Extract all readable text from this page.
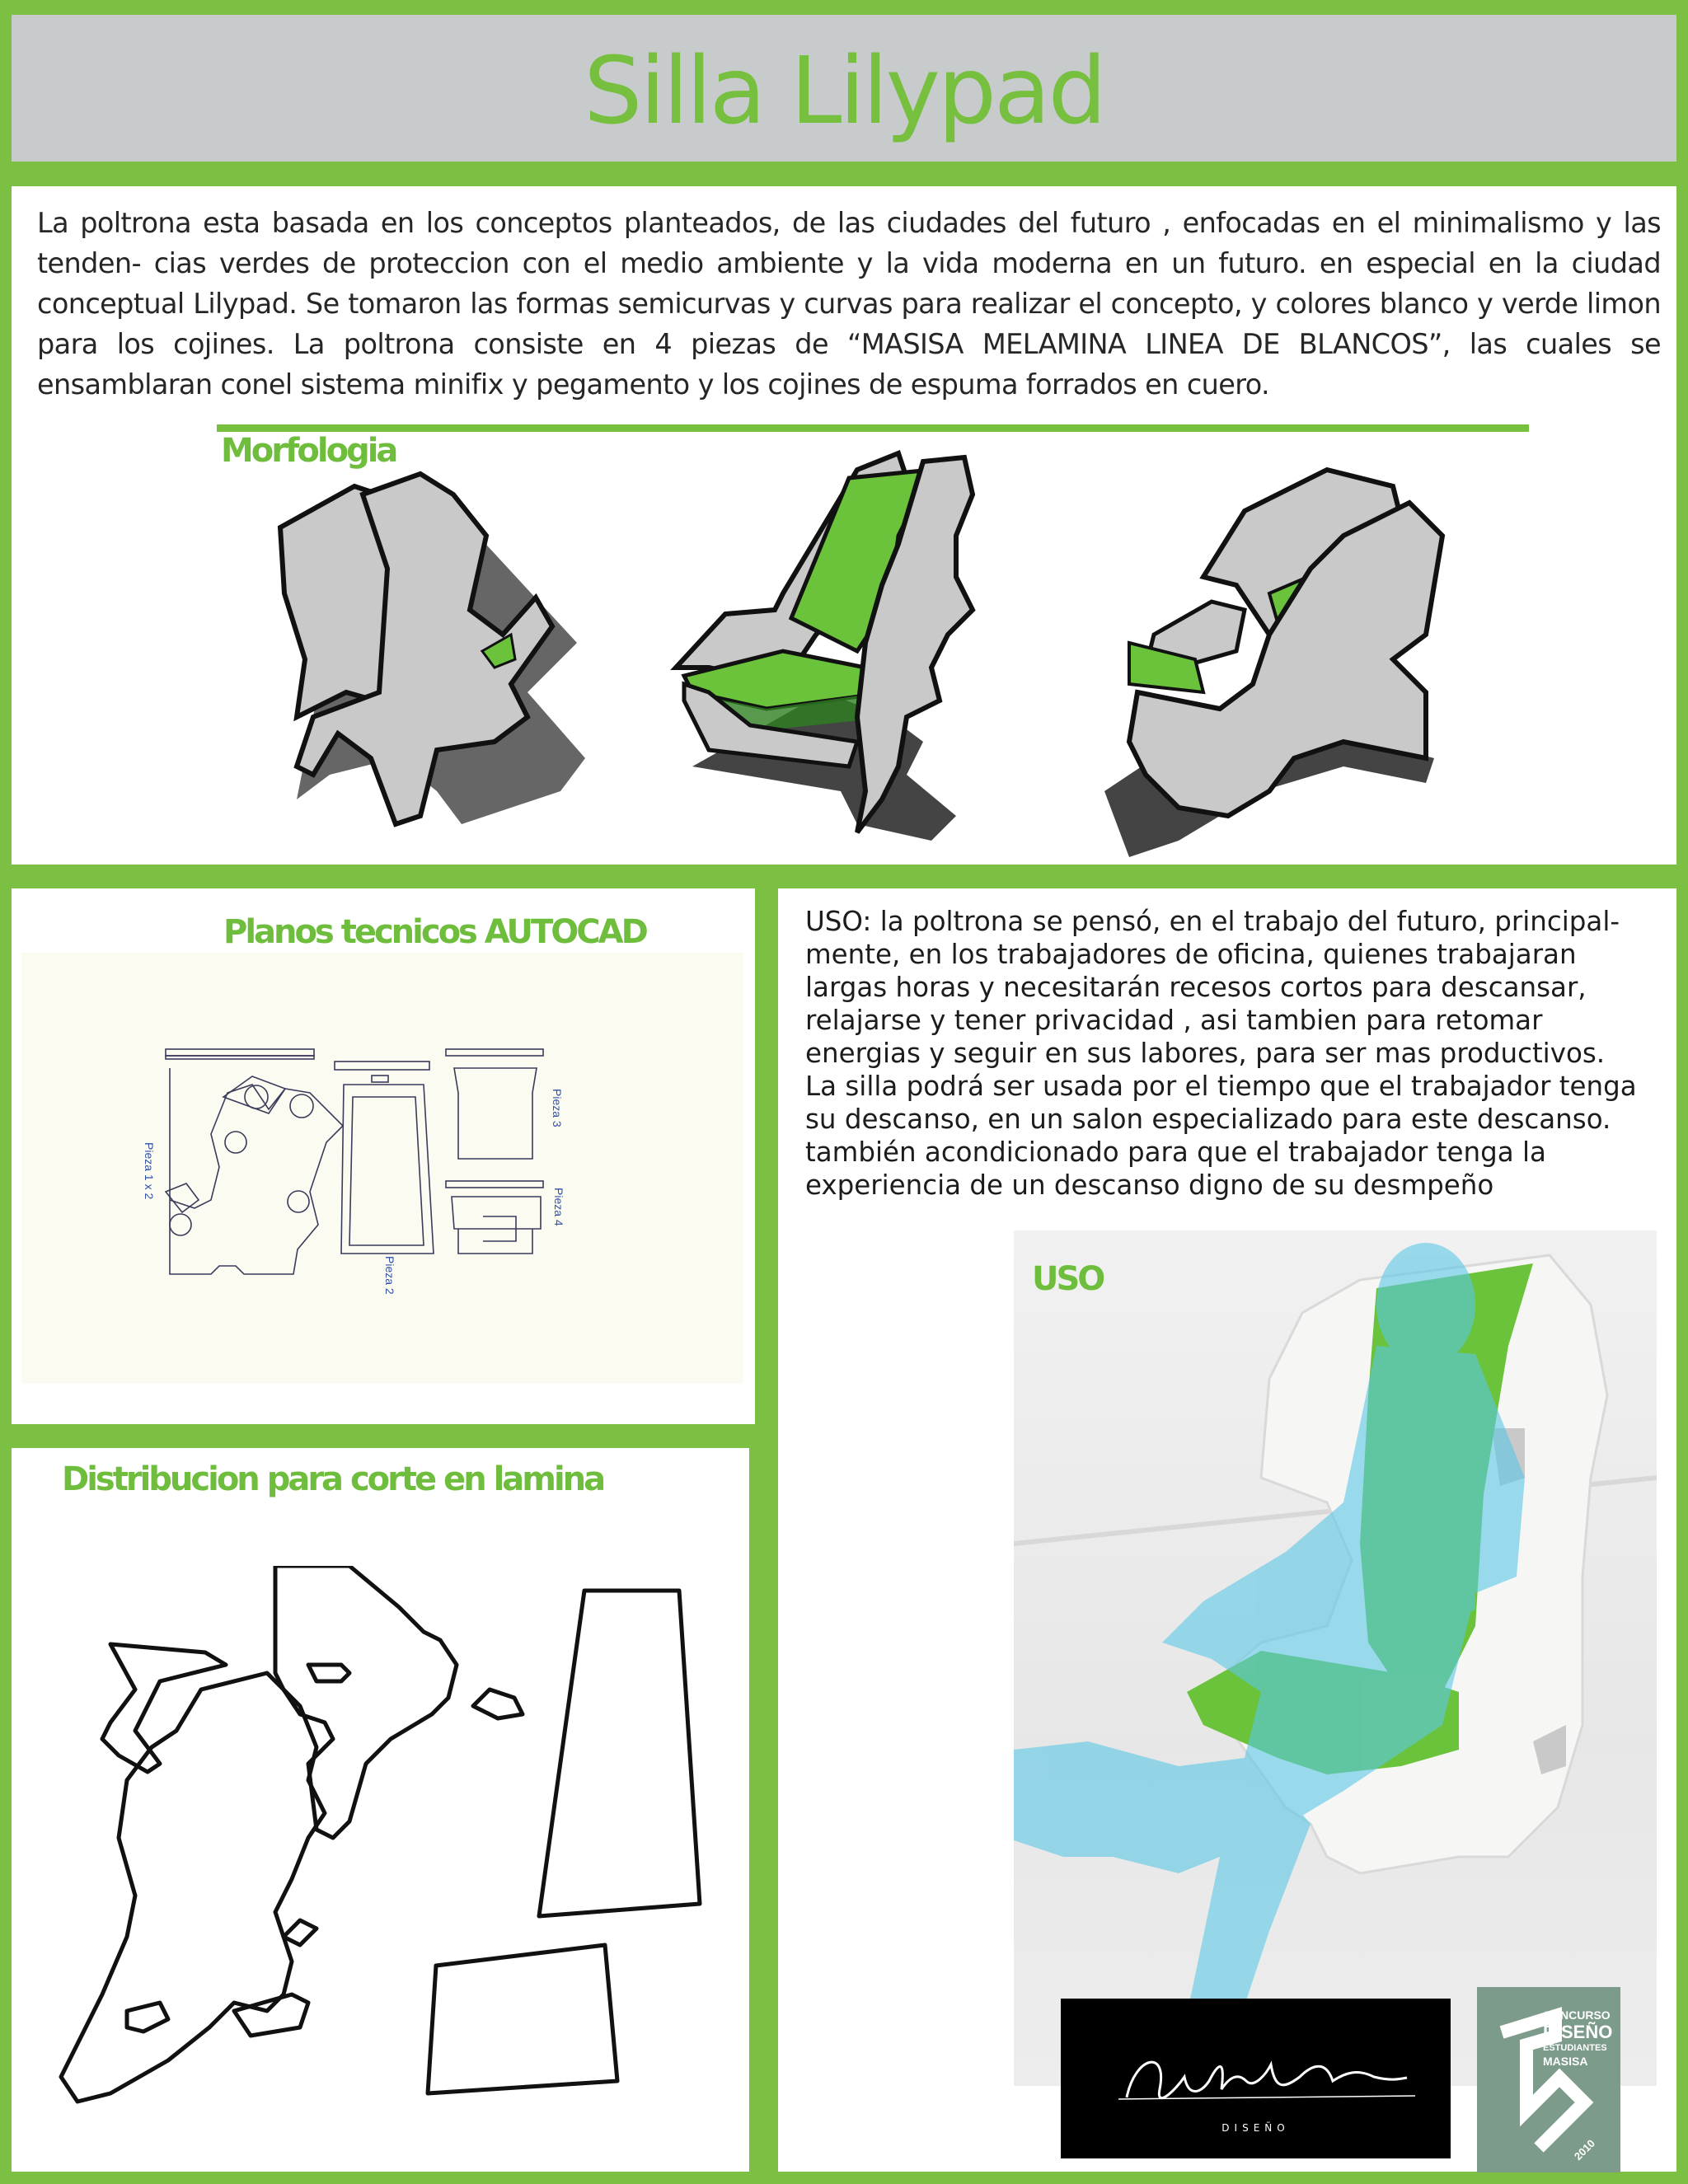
Silla Lilypad
La poltrona esta basada en los conceptos planteados, de las ciudades del futuro , enfocadas en el minimalismo y las tenden- cias verdes de proteccion con el medio ambiente y la vida moderna en un futuro. en especial en la ciudad conceptual Lilypad. Se tomaron las formas semicurvas y curvas para realizar el concepto, y colores blanco y verde limon para los cojines. La poltrona consiste en 4 piezas de “MASISA MELAMINA LINEA DE BLANCOS”, las cuales se ensamblaran conel sistema minifix y pegamento y los cojines de espuma forrados en cuero.
Morfologia
Planos tecnicos AUTOCAD
Pieza 1 x 2
Pieza 2
Pieza 3
Pieza 4

USO: la poltrona se pensó, en el trabajo del futuro, principal- mente, en los trabajadores de oficina, quienes trabajaran largas horas y necesitarán recesos cortos para descansar, relajarse y tener privacidad , asi tambien para retomar energias y seguir en sus labores, para ser mas productivos.

La silla podrá ser usada por el tiempo que el trabajador tenga su descanso, en un salon especializado para este descanso. también acondicionado para que el trabajador tenga la experiencia de un descanso digno de su desmpeño

USO
DISEÑO
CONCURSO
DISEÑO
ESTUDIANTES
MASISA
2010
Distribucion para corte en lamina
